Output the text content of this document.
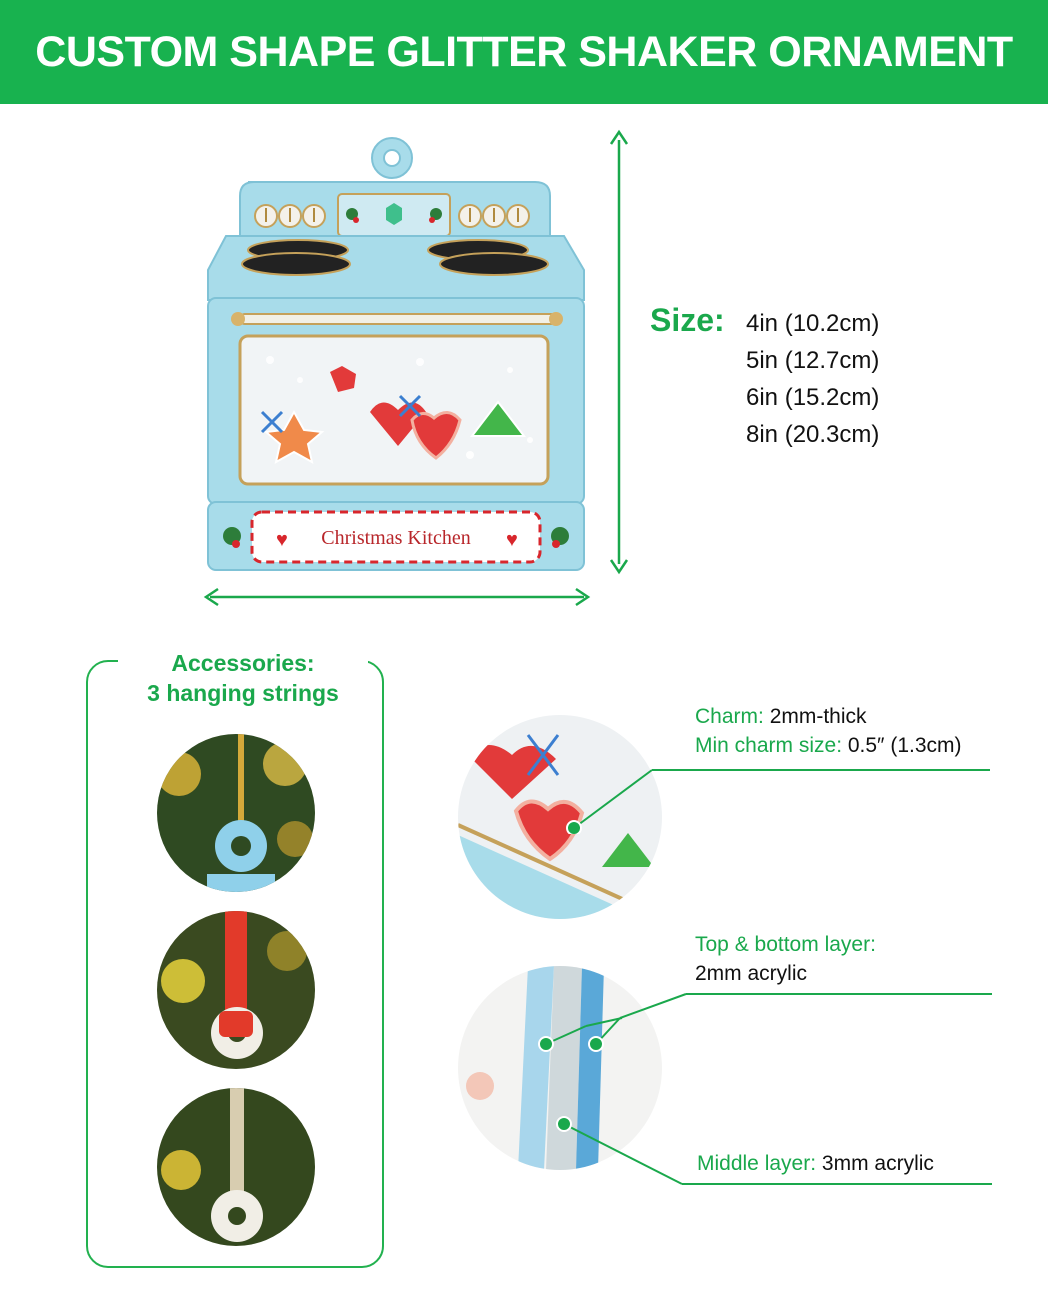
CUSTOM SHAPE GLITTER SHAKER ORNAMENT
♥	♥
Christmas Kitchen
Size: 4in (10.2cm)
5in (12.7cm)
6in (15.2cm)
8in (20.3cm)
Accessories:
3 hanging strings
Charm: 2mm-thick
Min charm size: 0.5″ (1.3cm)
Top & bottom layer:
2mm acrylic
Middle layer: 3mm acrylic
